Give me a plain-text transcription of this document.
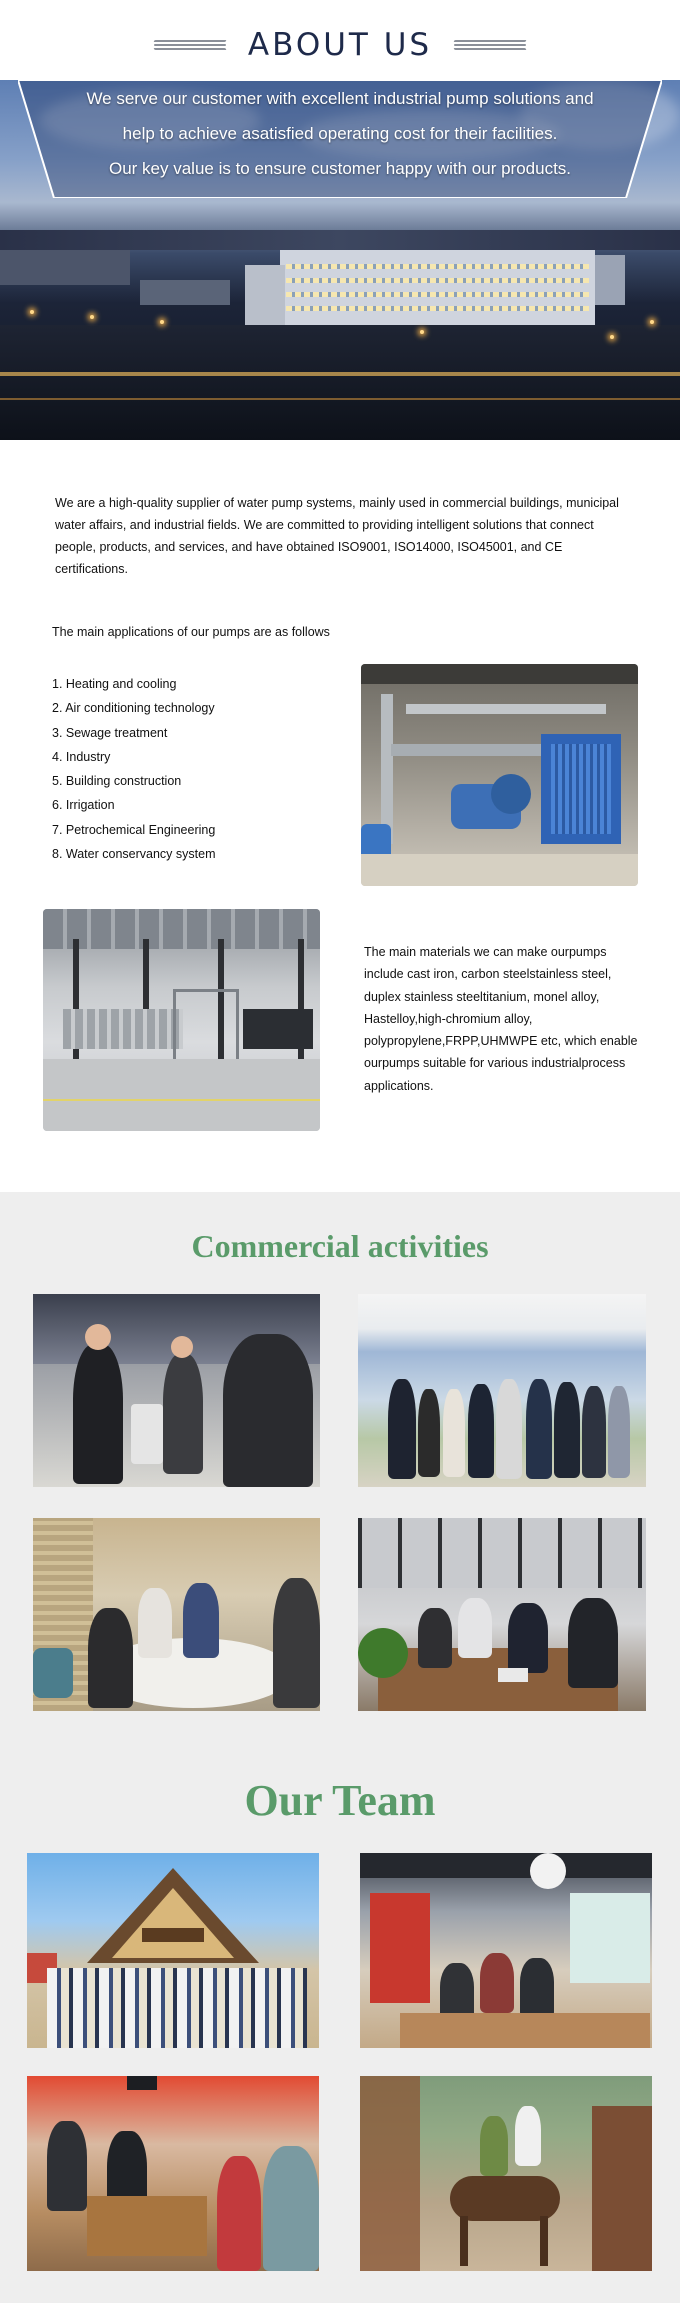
ABOUT US
We serve our customer with excellent industrial pump solutions and
help to achieve asatisfied operating cost for their facilities.
Our key value is to ensure customer happy with our products.
We are a high-quality supplier of water pump systems, mainly used in commercial buildings, municipal water affairs, and industrial fields. We are committed to providing intelligent solutions that connect people, products, and services, and have obtained ISO9001, ISO14000, ISO45001, and CE certifications.
The main applications of our pumps are as follows
1. Heating and cooling
2. Air conditioning technology
3. Sewage treatment
4. Industry
5. Building construction
6. Irrigation
7. Petrochemical Engineering
8. Water conservancy system
The main materials we can make ourpumps include cast iron, carbon steelstainless steel, duplex stainless steeltitanium, monel alloy, Hastelloy,high-chromium alloy, polypropylene,FRPP,UHMWPE etc, which enable ourpumps suitable for various industrialprocess applications.
Commercial activities
Our Team
